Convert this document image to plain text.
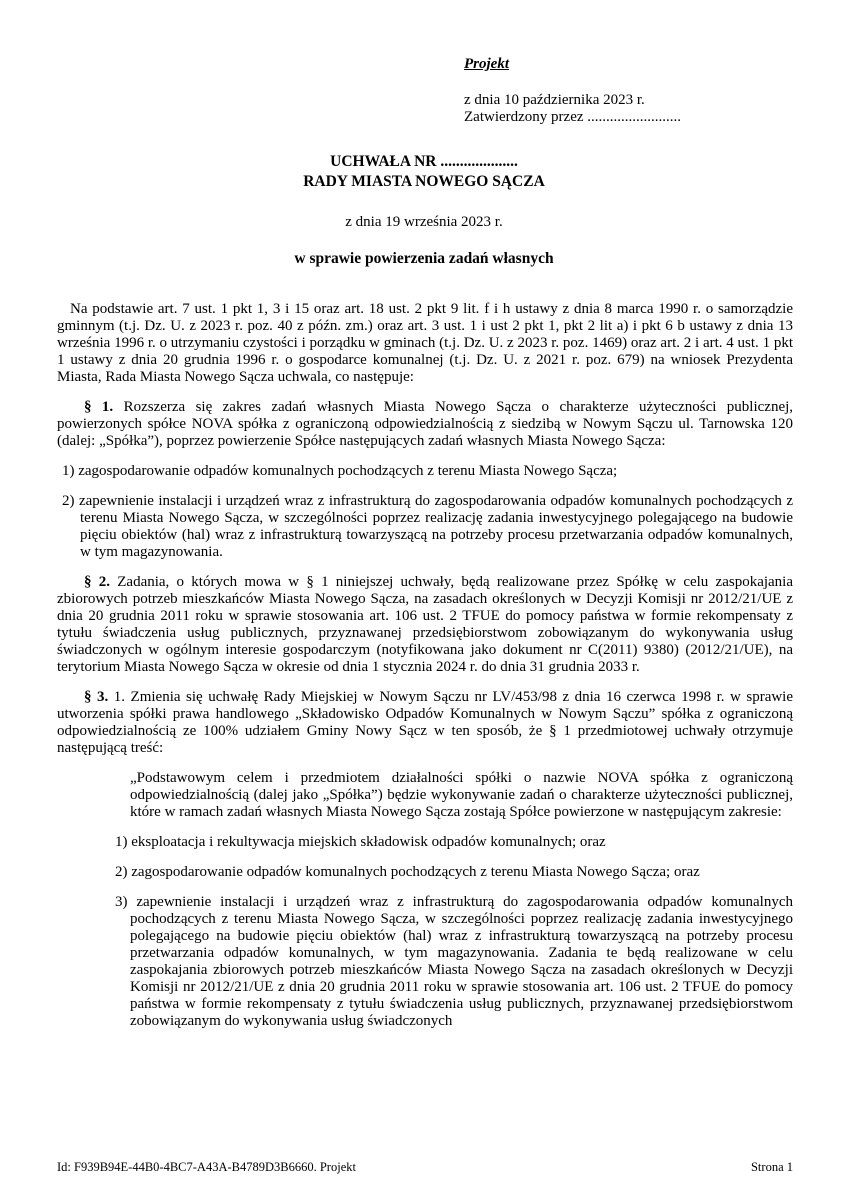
Projekt

z dnia 10 października 2023 r.

Zatwierdzony przez .........................

UCHWAŁA NR ....................

RADY MIASTA NOWEGO SĄCZA

z dnia 19 września 2023 r.

w sprawie powierzenia zadań własnych

Na podstawie art. 7 ust. 1 pkt 1, 3 i 15 oraz art. 18 ust. 2 pkt 9 lit. f i h ustawy z dnia 8 marca 1990 r. o samorządzie gminnym (t.j. Dz. U. z 2023 r. poz. 40 z późn. zm.) oraz art. 3 ust. 1 i ust 2 pkt 1, pkt 2 lit a) i pkt 6 b ustawy z dnia 13 września 1996 r. o utrzymaniu czystości i porządku w gminach (t.j. Dz. U. z 2023 r. poz. 1469) oraz art. 2 i art. 4 ust. 1 pkt 1 ustawy z dnia 20 grudnia 1996 r. o gospodarce komunalnej (t.j. Dz. U. z 2021 r. poz. 679) na wniosek Prezydenta Miasta, Rada Miasta Nowego Sącza uchwala, co następuje:

§ 1. Rozszerza się zakres zadań własnych Miasta Nowego Sącza o charakterze użyteczności publicznej, powierzonych spółce NOVA spółka z ograniczoną odpowiedzialnością z siedzibą w Nowym Sączu ul. Tarnowska 120 (dalej: „Spółka”), poprzez powierzenie Spółce następujących zadań własnych Miasta Nowego Sącza:

1) zagospodarowanie odpadów komunalnych pochodzących z terenu Miasta Nowego Sącza;

2) zapewnienie instalacji i urządzeń wraz z infrastrukturą do zagospodarowania odpadów komunalnych pochodzących z terenu Miasta Nowego Sącza, w szczególności poprzez realizację zadania inwestycyjnego polegającego na budowie pięciu obiektów (hal) wraz z infrastrukturą towarzyszącą na potrzeby procesu przetwarzania odpadów komunalnych, w tym magazynowania.

§ 2. Zadania, o których mowa w § 1 niniejszej uchwały, będą realizowane przez Spółkę w celu zaspokajania zbiorowych potrzeb mieszkańców Miasta Nowego Sącza, na zasadach określonych w Decyzji Komisji nr 2012/21/UE z dnia 20 grudnia 2011 roku w sprawie stosowania art. 106 ust. 2 TFUE do pomocy państwa w formie rekompensaty z tytułu świadczenia usług publicznych, przyznawanej przedsiębiorstwom zobowiązanym do wykonywania usług świadczonych w ogólnym interesie gospodarczym (notyfikowana jako dokument nr C(2011) 9380) (2012/21/UE), na terytorium Miasta Nowego Sącza w okresie od dnia 1 stycznia 2024 r. do dnia 31 grudnia 2033 r.

§ 3. 1. Zmienia się uchwałę Rady Miejskiej w Nowym Sączu nr LV/453/98 z dnia 16 czerwca 1998 r. w sprawie utworzenia spółki prawa handlowego „Składowisko Odpadów Komunalnych w Nowym Sączu” spółka z ograniczoną odpowiedzialnością ze 100% udziałem Gminy Nowy Sącz w ten sposób, że § 1 przedmiotowej uchwały otrzymuje następującą treść:

„Podstawowym celem i przedmiotem działalności spółki o nazwie NOVA spółka z ograniczoną odpowiedzialnością (dalej jako „Spółka”) będzie wykonywanie zadań o charakterze użyteczności publicznej, które w ramach zadań własnych Miasta Nowego Sącza zostają Spółce powierzone w następującym zakresie:

1) eksploatacja i rekultywacja miejskich składowisk odpadów komunalnych; oraz

2) zagospodarowanie odpadów komunalnych pochodzących z terenu Miasta Nowego Sącza; oraz

3) zapewnienie instalacji i urządzeń wraz z infrastrukturą do zagospodarowania odpadów komunalnych pochodzących z terenu Miasta Nowego Sącza, w szczególności poprzez realizację zadania inwestycyjnego polegającego na budowie pięciu obiektów (hal) wraz z infrastrukturą towarzyszącą na potrzeby procesu przetwarzania odpadów komunalnych, w tym magazynowania. Zadania te będą realizowane w celu zaspokajania zbiorowych potrzeb mieszkańców Miasta Nowego Sącza na zasadach określonych w Decyzji Komisji nr 2012/21/UE z dnia 20 grudnia 2011 roku w sprawie stosowania art. 106 ust. 2 TFUE do pomocy państwa w formie rekompensaty z tytułu świadczenia usług publicznych, przyznawanej przedsiębiorstwom zobowiązanym do wykonywania usług świadczonych

Id: F939B94E-44B0-4BC7-A43A-B4789D3B6660. Projekt	Strona 1
